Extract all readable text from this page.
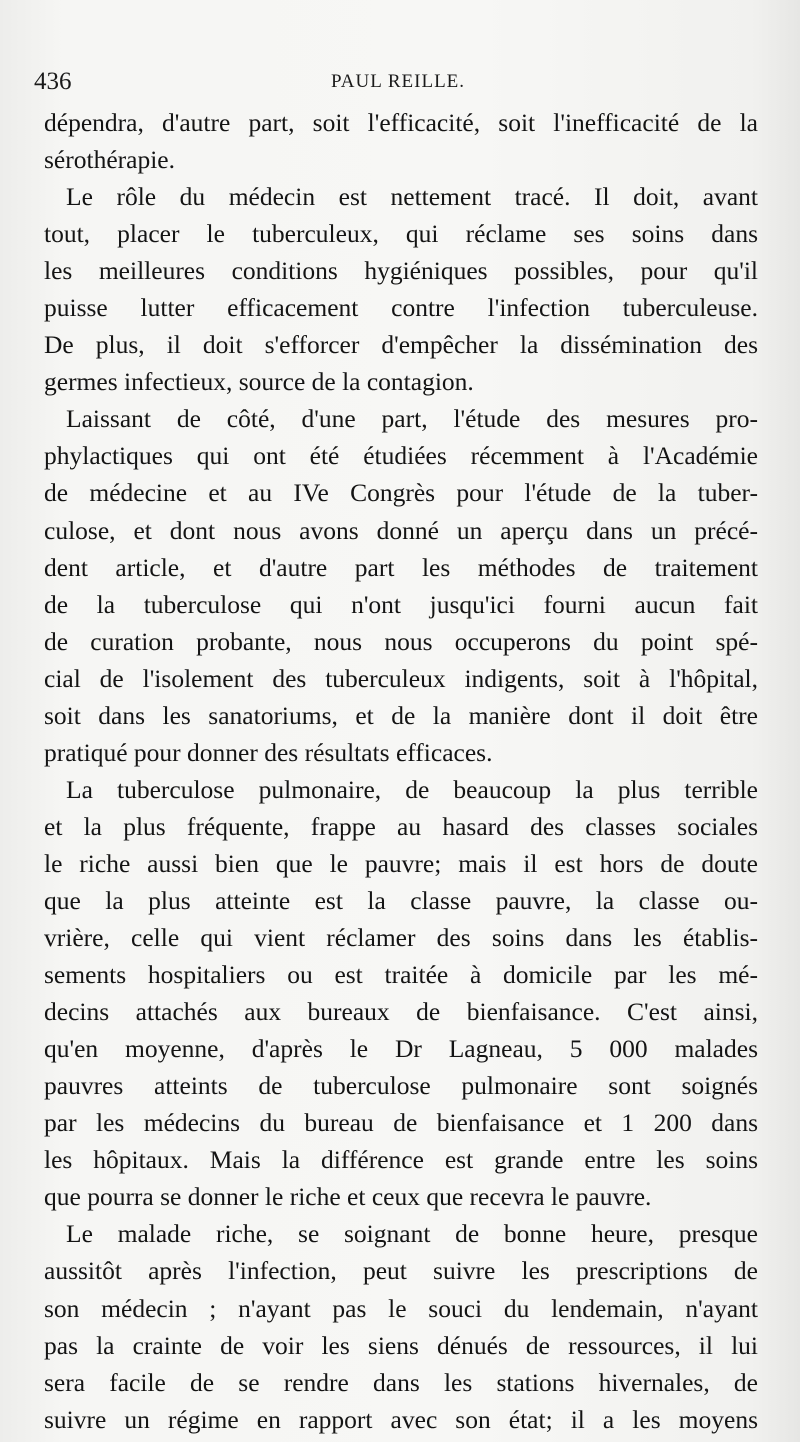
436	PAUL REILLE.

dépendra, d'autre part, soit l'efficacité, soit l'inefficacité de la
sérothérapie.

Le rôle du médecin est nettement tracé. Il doit, avant
tout, placer le tuberculeux, qui réclame ses soins dans
les meilleures conditions hygiéniques possibles, pour qu'il
puisse lutter efficacement contre l'infection tuberculeuse.
De plus, il doit s'efforcer d'empêcher la dissémination des
germes infectieux, source de la contagion.

Laissant de côté, d'une part, l'étude des mesures pro-
phylactiques qui ont été étudiées récemment à l'Académie
de médecine et au IVe Congrès pour l'étude de la tuber-
culose, et dont nous avons donné un aperçu dans un précé-
dent article, et d'autre part les méthodes de traitement
de la tuberculose qui n'ont jusqu'ici fourni aucun fait
de curation probante, nous nous occuperons du point spé-
cial de l'isolement des tuberculeux indigents, soit à l'hôpital,
soit dans les sanatoriums, et de la manière dont il doit être
pratiqué pour donner des résultats efficaces.

La tuberculose pulmonaire, de beaucoup la plus terrible
et la plus fréquente, frappe au hasard des classes sociales
le riche aussi bien que le pauvre; mais il est hors de doute
que la plus atteinte est la classe pauvre, la classe ou-
vrière, celle qui vient réclamer des soins dans les établis-
sements hospitaliers ou est traitée à domicile par les mé-
decins attachés aux bureaux de bienfaisance. C'est ainsi,
qu'en moyenne, d'après le Dr Lagneau, 5 000 malades
pauvres atteints de tuberculose pulmonaire sont soignés
par les médecins du bureau de bienfaisance et 1 200 dans
les hôpitaux. Mais la différence est grande entre les soins
que pourra se donner le riche et ceux que recevra le pauvre.

Le malade riche, se soignant de bonne heure, presque
aussitôt après l'infection, peut suivre les prescriptions de
son médecin ; n'ayant pas le souci du lendemain, n'ayant
pas la crainte de voir les siens dénués de ressources, il lui
sera facile de se rendre dans les stations hivernales, de
suivre un régime en rapport avec son état; il a les moyens
